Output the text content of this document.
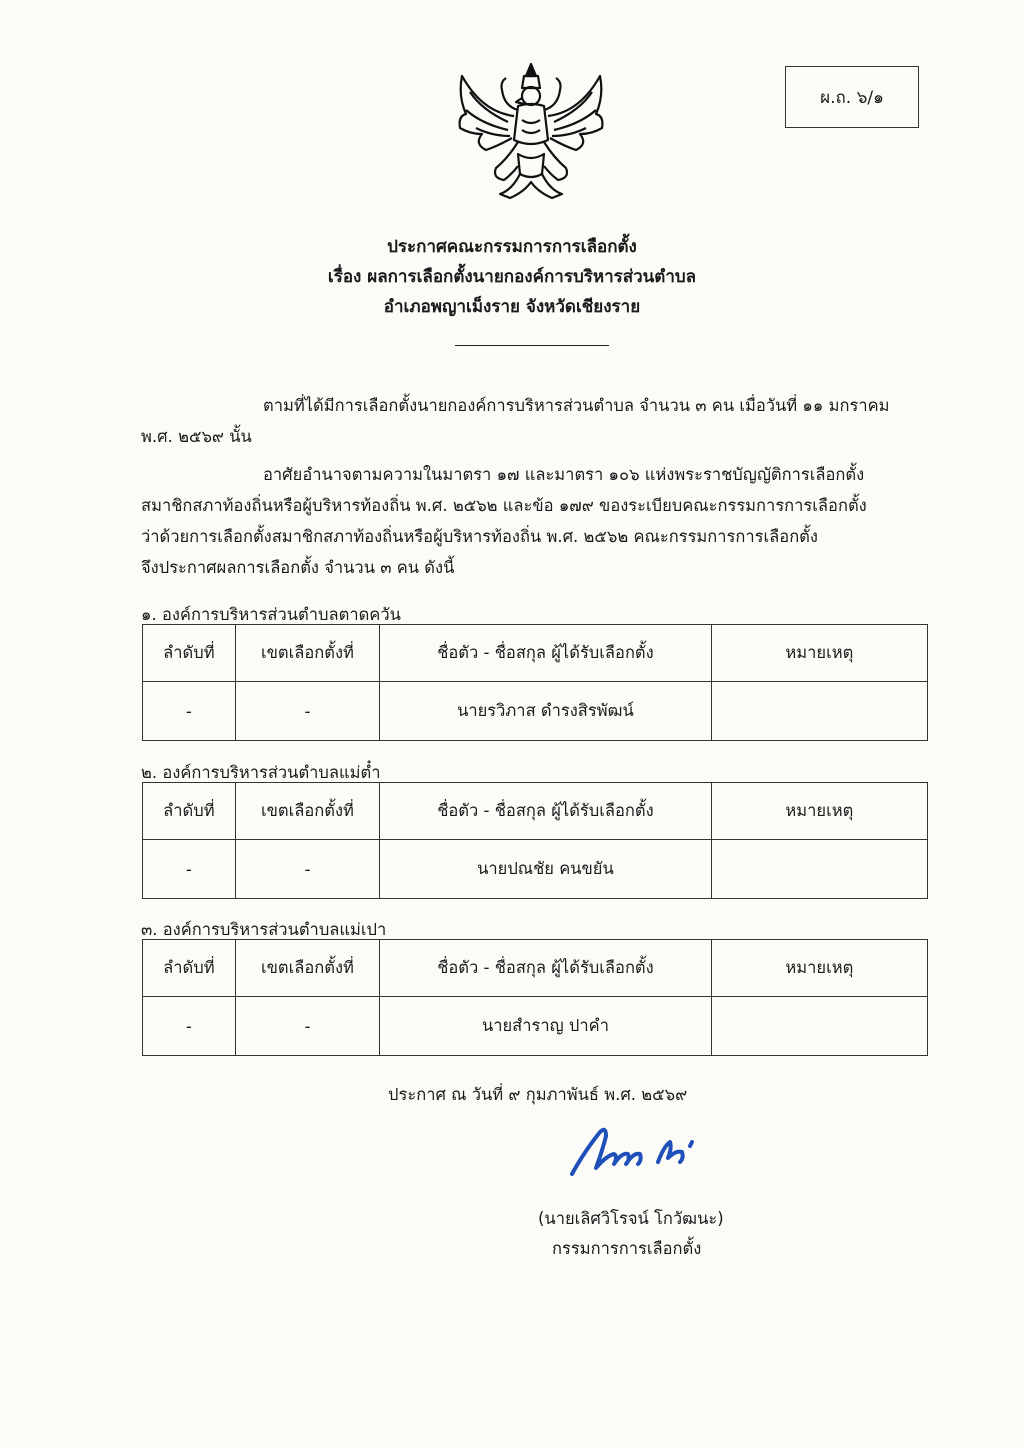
ผ.ถ. ๖/๑
ประกาศคณะกรรมการการเลือกตั้ง
เรื่อง ผลการเลือกตั้งนายกองค์การบริหารส่วนตำบล
อำเภอพญาเม็งราย จังหวัดเชียงราย
ตามที่ได้มีการเลือกตั้งนายกองค์การบริหารส่วนตำบล จำนวน ๓ คน เมื่อวันที่ ๑๑ มกราคม
พ.ศ. ๒๕๖๙ นั้น
อาศัยอำนาจตามความในมาตรา ๑๗ และมาตรา ๑๐๖ แห่งพระราชบัญญัติการเลือกตั้ง
สมาชิกสภาท้องถิ่นหรือผู้บริหารท้องถิ่น พ.ศ. ๒๕๖๒ และข้อ ๑๗๙ ของระเบียบคณะกรรมการการเลือกตั้ง
ว่าด้วยการเลือกตั้งสมาชิกสภาท้องถิ่นหรือผู้บริหารท้องถิ่น พ.ศ. ๒๕๖๒ คณะกรรมการการเลือกตั้ง
จึงประกาศผลการเลือกตั้ง จำนวน ๓ คน ดังนี้
๑. องค์การบริหารส่วนตำบลตาดควัน
ลำดับที่	เขตเลือกตั้งที่	ชื่อตัว - ชื่อสกุล ผู้ได้รับเลือกตั้ง	หมายเหตุ
-	-	นายรวิภาส ดำรงสิรพัฒน์	
๒. องค์การบริหารส่วนตำบลแม่ต๋ำ
ลำดับที่	เขตเลือกตั้งที่	ชื่อตัว - ชื่อสกุล ผู้ได้รับเลือกตั้ง	หมายเหตุ
-	-	นายปณชัย คนขยัน	
๓. องค์การบริหารส่วนตำบลแม่เปา
ลำดับที่	เขตเลือกตั้งที่	ชื่อตัว - ชื่อสกุล ผู้ได้รับเลือกตั้ง	หมายเหตุ
-	-	นายสำราญ ปาคำ	
ประกาศ ณ วันที่ ๙ กุมภาพันธ์ พ.ศ. ๒๕๖๙
(นายเลิศวิโรจน์ โกวัฒนะ)
กรรมการการเลือกตั้ง
